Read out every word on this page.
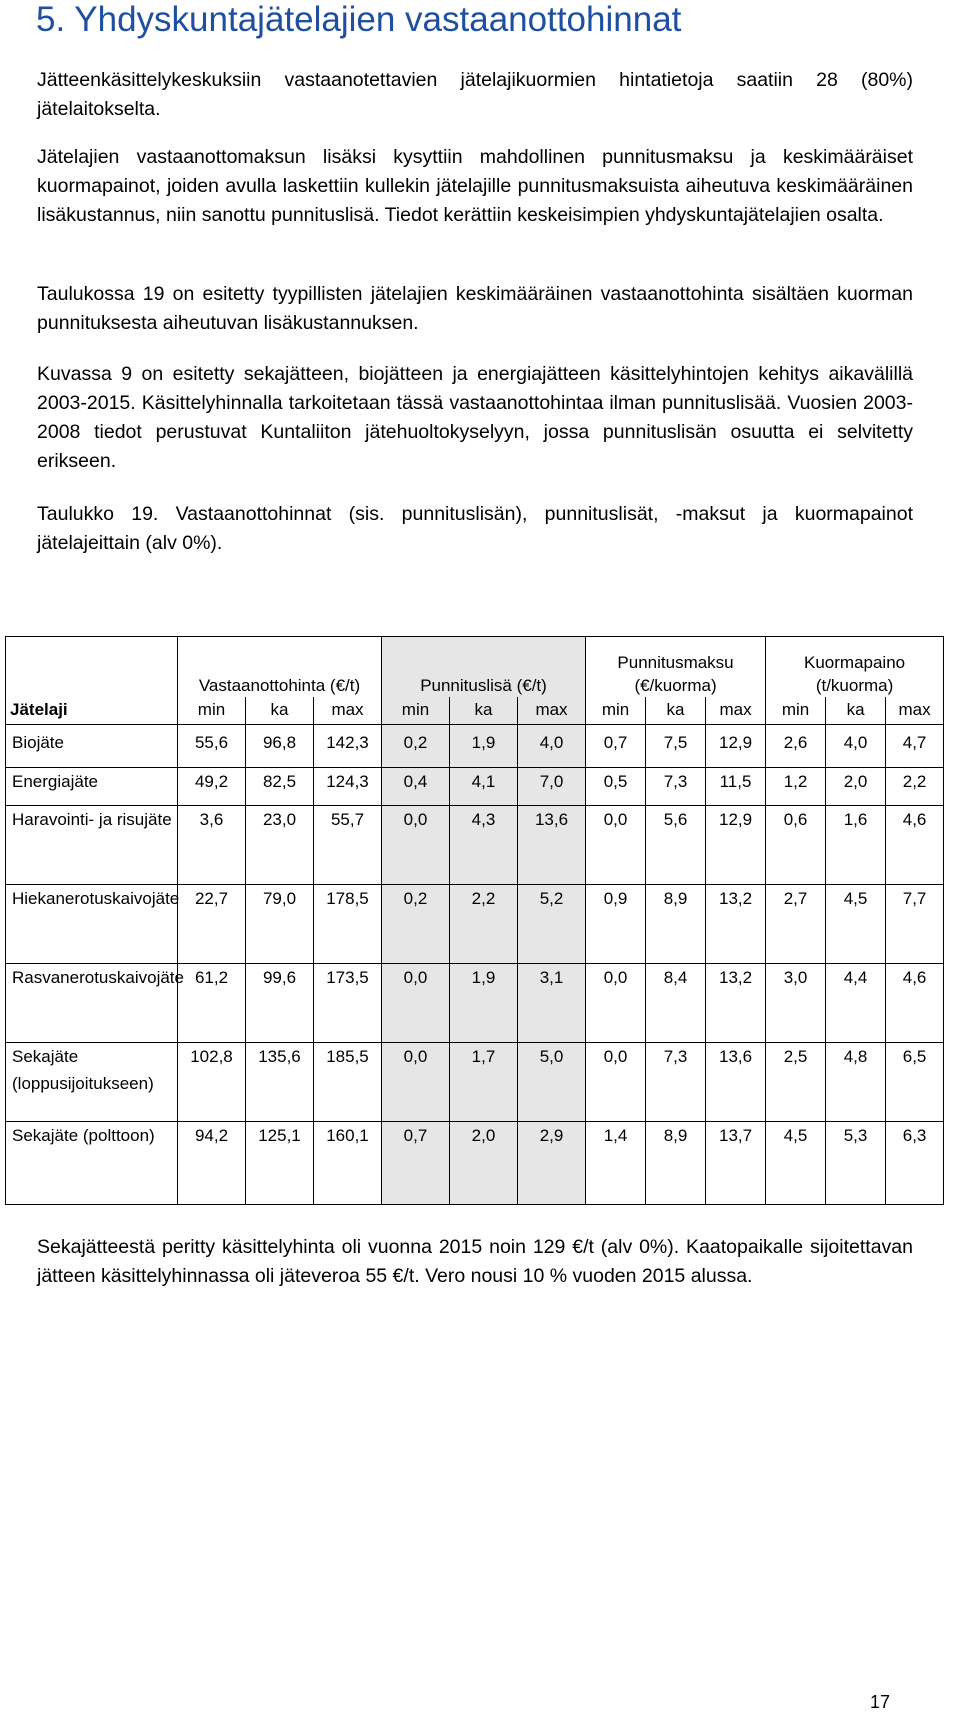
5. Yhdyskuntajätelajien vastaanottohinnat

Jätteenkäsittelykeskuksiin vastaanotettavien jätelajikuormien hintatietoja saatiin 28 (80%) jätelaitokselta.

Jätelajien vastaanottomaksun lisäksi kysyttiin mahdollinen punnitusmaksu ja keskimääräiset kuormapainot, joiden avulla laskettiin kullekin jätelajille punnitusmaksuista aiheutuva keskimääräinen lisäkustannus, niin sanottu punnituslisä. Tiedot kerättiin keskeisimpien yhdyskuntajätelajien osalta.

Taulukossa 19 on esitetty tyypillisten jätelajien keskimääräinen vastaanottohinta sisältäen kuorman punnituksesta aiheutuvan lisäkustannuksen.

Kuvassa 9 on esitetty sekajätteen, biojätteen ja energiajätteen käsittelyhintojen kehitys aikavälillä 2003-2015. Käsittelyhinnalla tarkoitetaan tässä vastaanottohintaa ilman punnituslisää. Vuosien 2003-2008 tiedot perustuvat Kuntaliiton jätehuoltokyselyyn, jossa punnituslisän osuutta ei selvitetty erikseen.

Taulukko 19. Vastaanottohinnat (sis. punnituslisän), punnituslisät, -maksut ja kuormapainot jätelajeittain (alv 0%).

	Vastaanottohinta (€/t)			Punnituslisä (€/t)			Punnitusmaksu (€/kuorma)			Kuormapaino (t/kuorma)		
Jätelaji	min	ka	max	min	ka	max	min	ka	max	min	ka	max
Biojäte	55,6	96,8	142,3	0,2	1,9	4,0	0,7	7,5	12,9	2,6	4,0	4,7
Energiajäte	49,2	82,5	124,3	0,4	4,1	7,0	0,5	7,3	11,5	1,2	2,0	2,2
Haravointi- ja risujäte	3,6	23,0	55,7	0,0	4,3	13,6	0,0	5,6	12,9	0,6	1,6	4,6
Hiekanerotuskaivojäte	22,7	79,0	178,5	0,2	2,2	5,2	0,9	8,9	13,2	2,7	4,5	7,7
Rasvanerotuskaivojäte	61,2	99,6	173,5	0,0	1,9	3,1	0,0	8,4	13,2	3,0	4,4	4,6
Sekajäte (loppusijoitukseen)	102,8	135,6	185,5	0,0	1,7	5,0	0,0	7,3	13,6	2,5	4,8	6,5
Sekajäte (polttoon)	94,2	125,1	160,1	0,7	2,0	2,9	1,4	8,9	13,7	4,5	5,3	6,3

Sekajätteestä peritty käsittelyhinta oli vuonna 2015 noin 129 €/t (alv 0%). Kaatopaikalle sijoitettavan jätteen käsittelyhinnassa oli jäteveroa 55 €/t. Vero nousi 10 % vuoden 2015 alussa.

17
